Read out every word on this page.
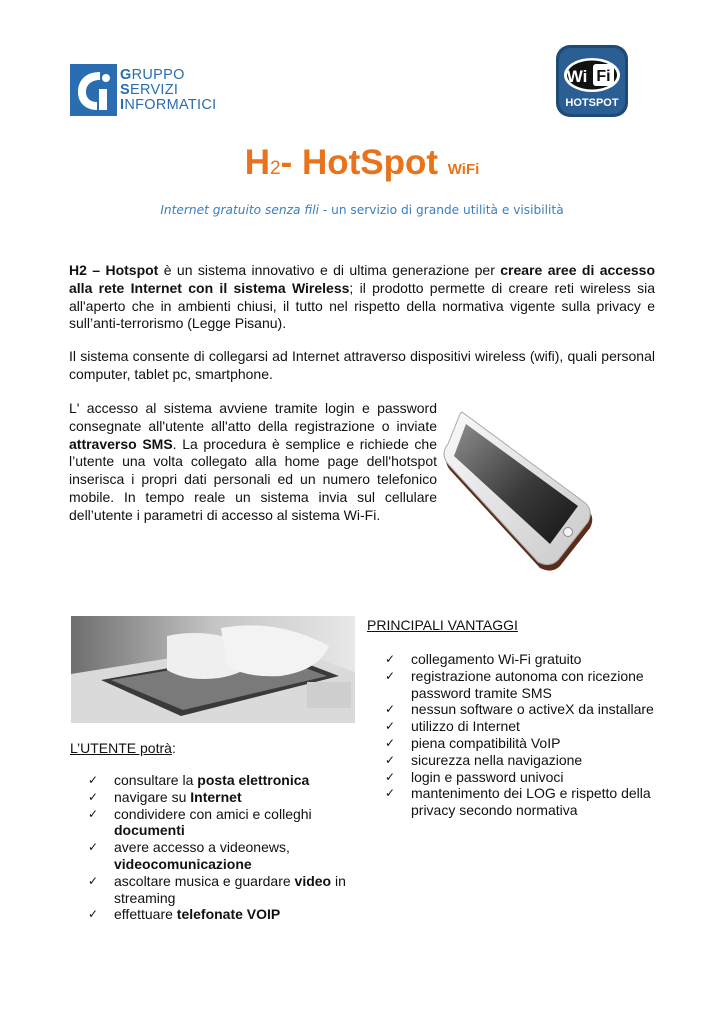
GRUPPO
SERVIZI
INFORMATICI
Wi Fi
HOTSPOT
H2- HotSpot WiFi
Internet gratuito senza fili - un servizio di grande utilità e visibilità
H2 – Hotspot è un sistema innovativo e di ultima generazione per creare aree di accesso alla rete Internet con il sistema Wireless; il prodotto permette di creare reti wireless sia all'aperto che in ambienti chiusi, il tutto nel rispetto della normativa vigente sulla privacy e sull’anti-terrorismo (Legge Pisanu).
Il sistema consente di collegarsi ad Internet attraverso dispositivi wireless (wifi), quali personal computer, tablet pc, smartphone.
L' accesso al sistema avviene tramite login e password consegnate all'utente all'atto della registrazione o inviate attraverso SMS. La procedura è semplice e richiede che l’utente una volta collegato alla home page dell'hotspot inserisca i propri dati personali ed un numero telefonico mobile. In tempo reale un sistema invia sul cellulare dell’utente i parametri di accesso al sistema Wi-Fi.
PRINCIPALI VANTAGGI
✓ collegamento Wi-Fi gratuito
✓ registrazione autonoma con ricezione password tramite SMS
✓ nessun software o activeX da installare
✓ utilizzo di Internet
✓ piena compatibilità VoIP
✓ sicurezza nella navigazione
✓ login e password univoci
✓ mantenimento dei LOG e rispetto della privacy secondo normativa
L’UTENTE potrà:
✓ consultare la posta elettronica
✓ navigare su Internet
✓ condividere con amici e colleghi documenti
✓ avere accesso a videonews, videocomunicazione
✓ ascoltare musica e guardare video in streaming
✓ effettuare telefonate VOIP
